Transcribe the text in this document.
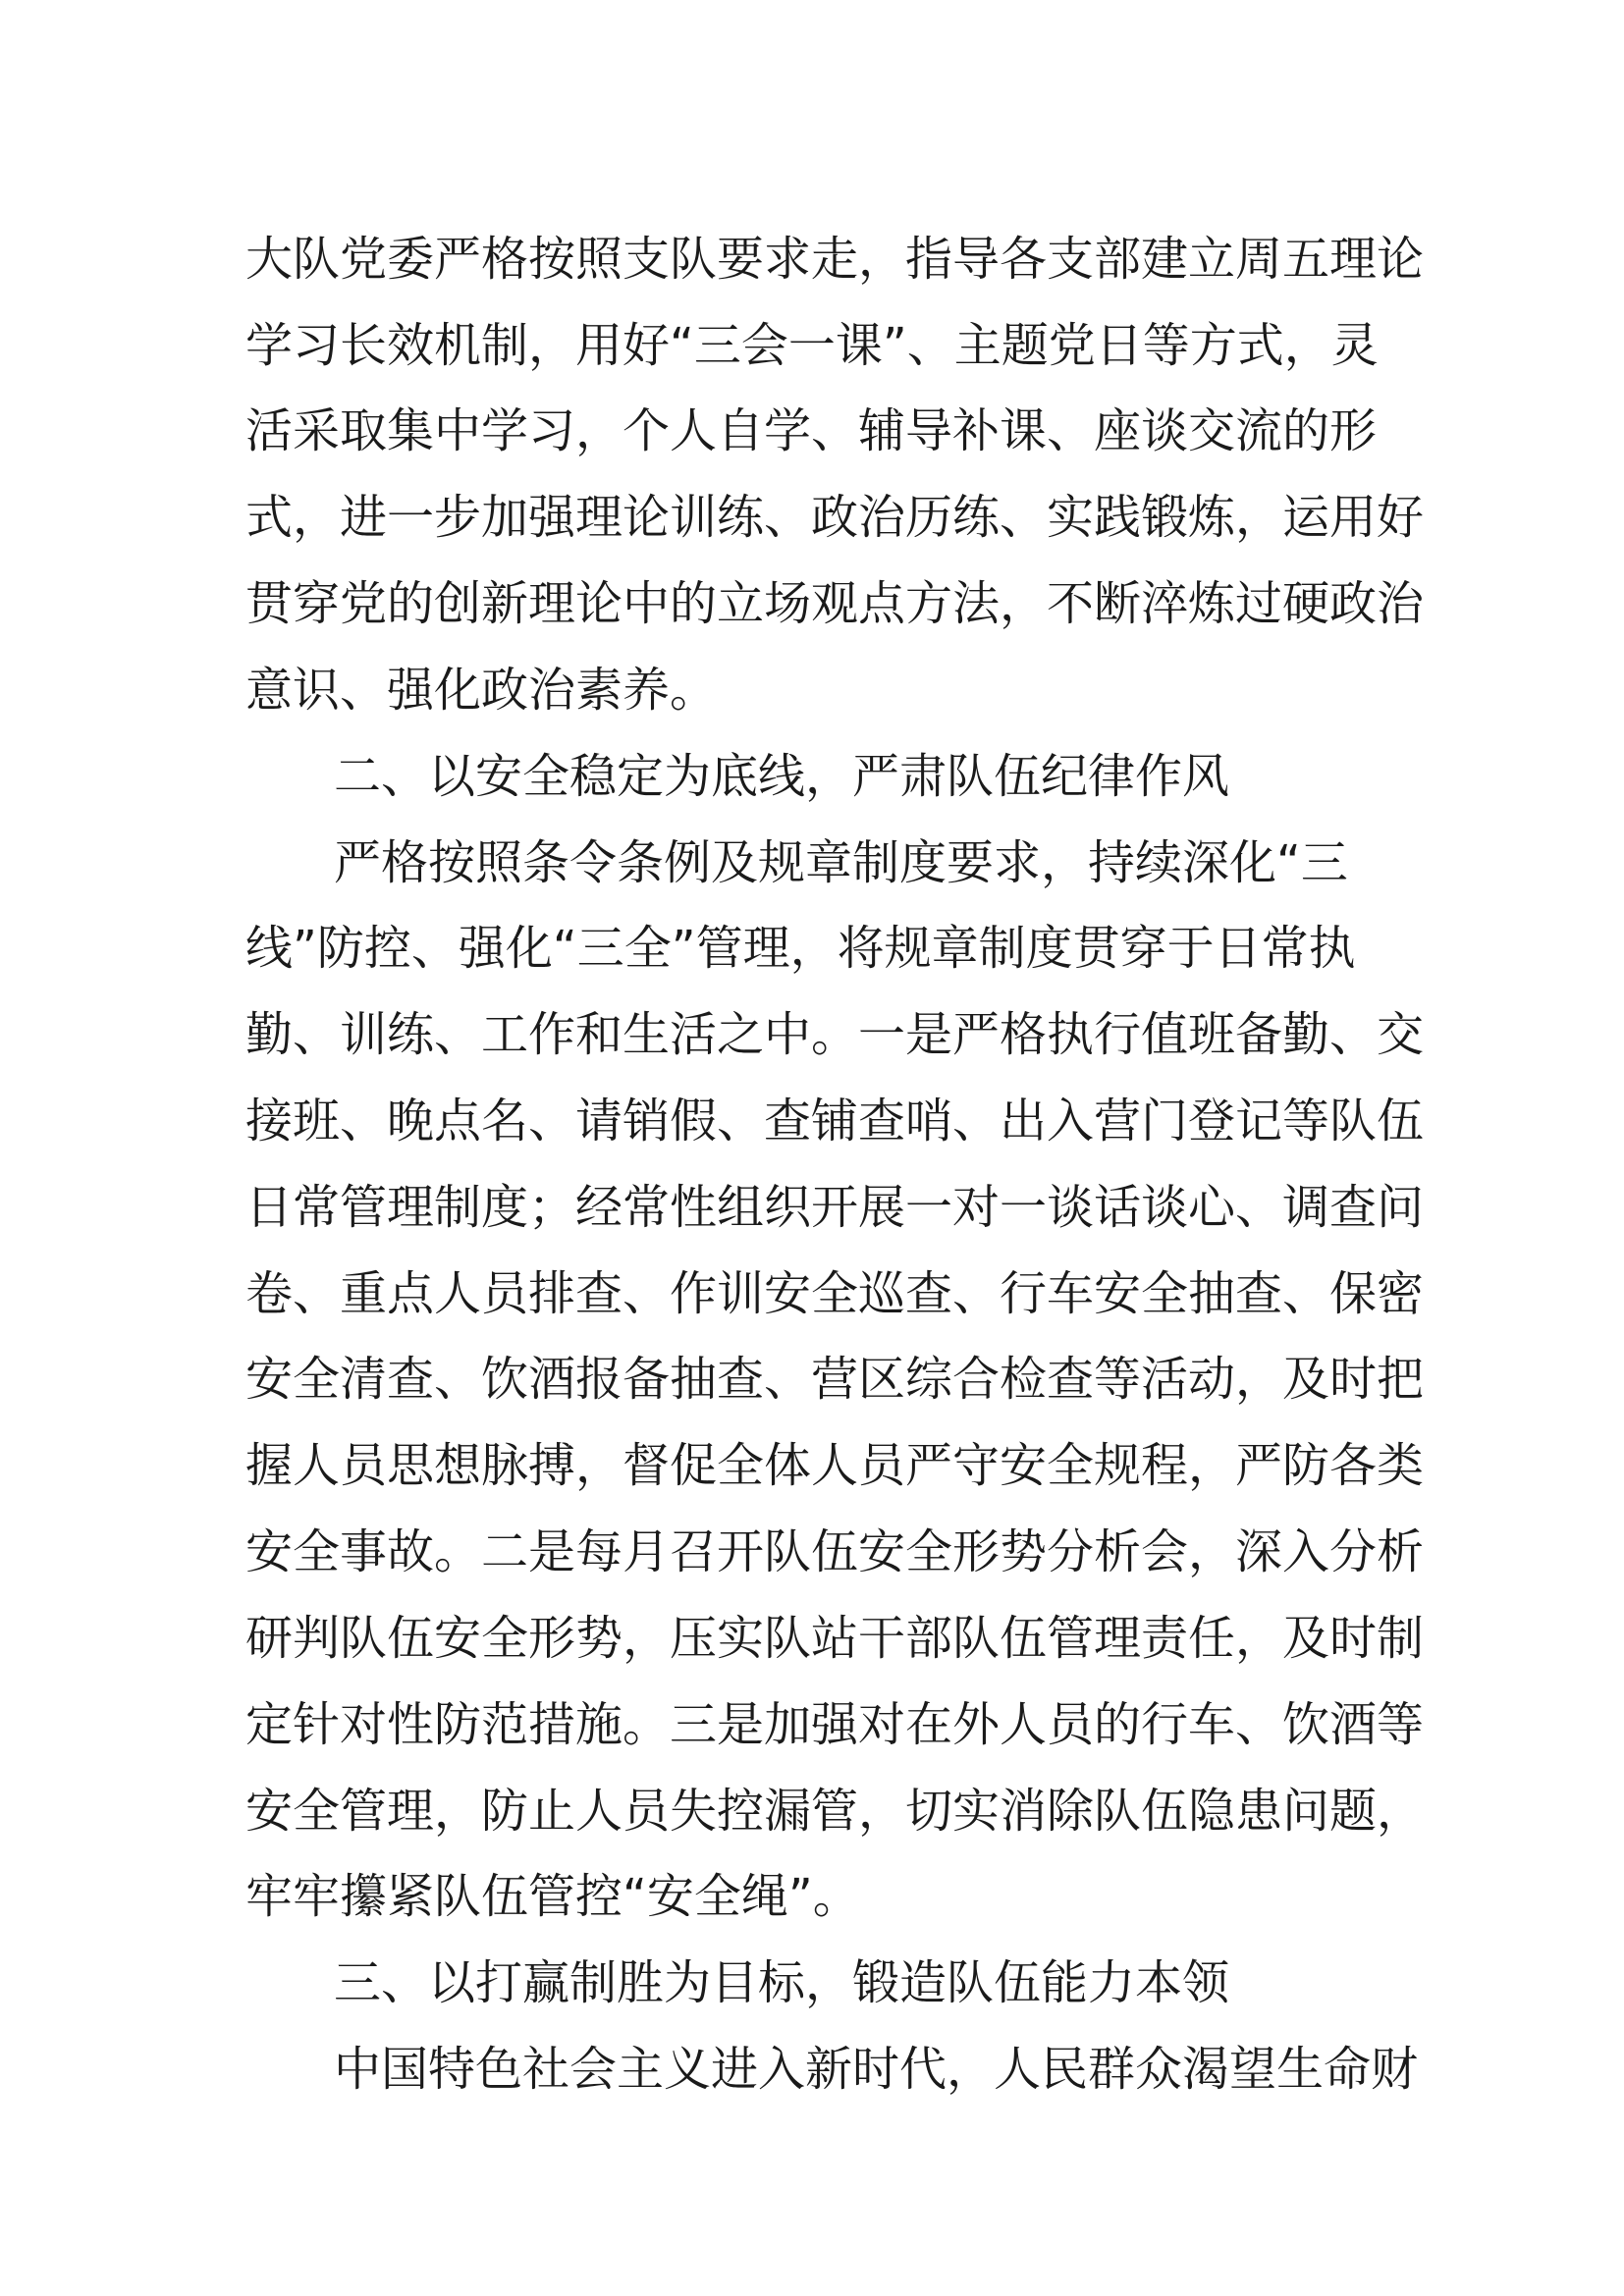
大队党委严格按照支队要求走，指导各支部建立周五理论

学习长效机制，用好“三会一课”、主题党日等方式，灵

活采取集中学习，个人自学、辅导补课、座谈交流的形

式，进一步加强理论训练、政治历练、实践锻炼，运用好

贯穿党的创新理论中的立场观点方法，不断淬炼过硬政治

意识、强化政治素养。

二、以安全稳定为底线，严肃队伍纪律作风

严格按照条令条例及规章制度要求，持续深化“三

线”防控、强化“三全”管理，将规章制度贯穿于日常执

勤、训练、工作和生活之中。一是严格执行值班备勤、交

接班、晚点名、请销假、查铺查哨、出入营门登记等队伍

日常管理制度；经常性组织开展一对一谈话谈心、调查问

卷、重点人员排查、作训安全巡查、行车安全抽查、保密

安全清查、饮酒报备抽查、营区综合检查等活动，及时把

握人员思想脉搏，督促全体人员严守安全规程，严防各类

安全事故。二是每月召开队伍安全形势分析会，深入分析

研判队伍安全形势，压实队站干部队伍管理责任，及时制

定针对性防范措施。三是加强对在外人员的行车、饮酒等

安全管理，防止人员失控漏管，切实消除队伍隐患问题，

牢牢攥紧队伍管控“安全绳”。

三、以打赢制胜为目标，锻造队伍能力本领

中国特色社会主义进入新时代，人民群众渴望生命财
